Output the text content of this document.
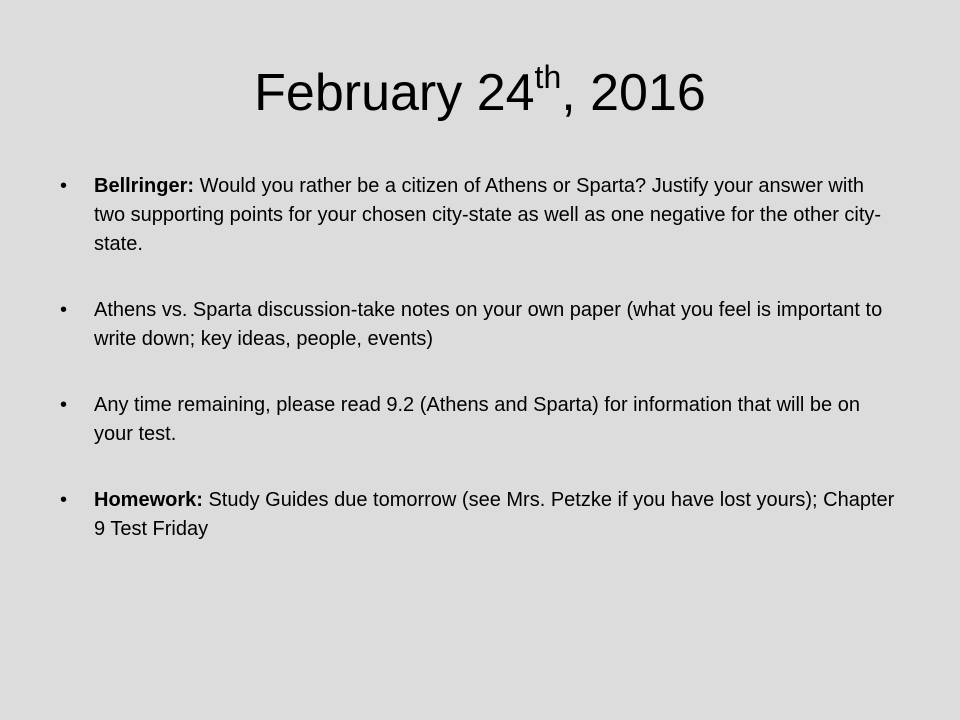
February 24th, 2016
•	Bellringer: Would you rather be a citizen of Athens or Sparta? Justify your answer with two supporting points for your chosen city-state as well as one negative for the other city-state.
•	Athens vs. Sparta discussion-take notes on your own paper (what you feel is important to write down; key ideas, people, events)
•	Any time remaining, please read 9.2 (Athens and Sparta) for information that will be on your test.
•	Homework: Study Guides due tomorrow (see Mrs. Petzke if you have lost yours); Chapter 9 Test Friday
